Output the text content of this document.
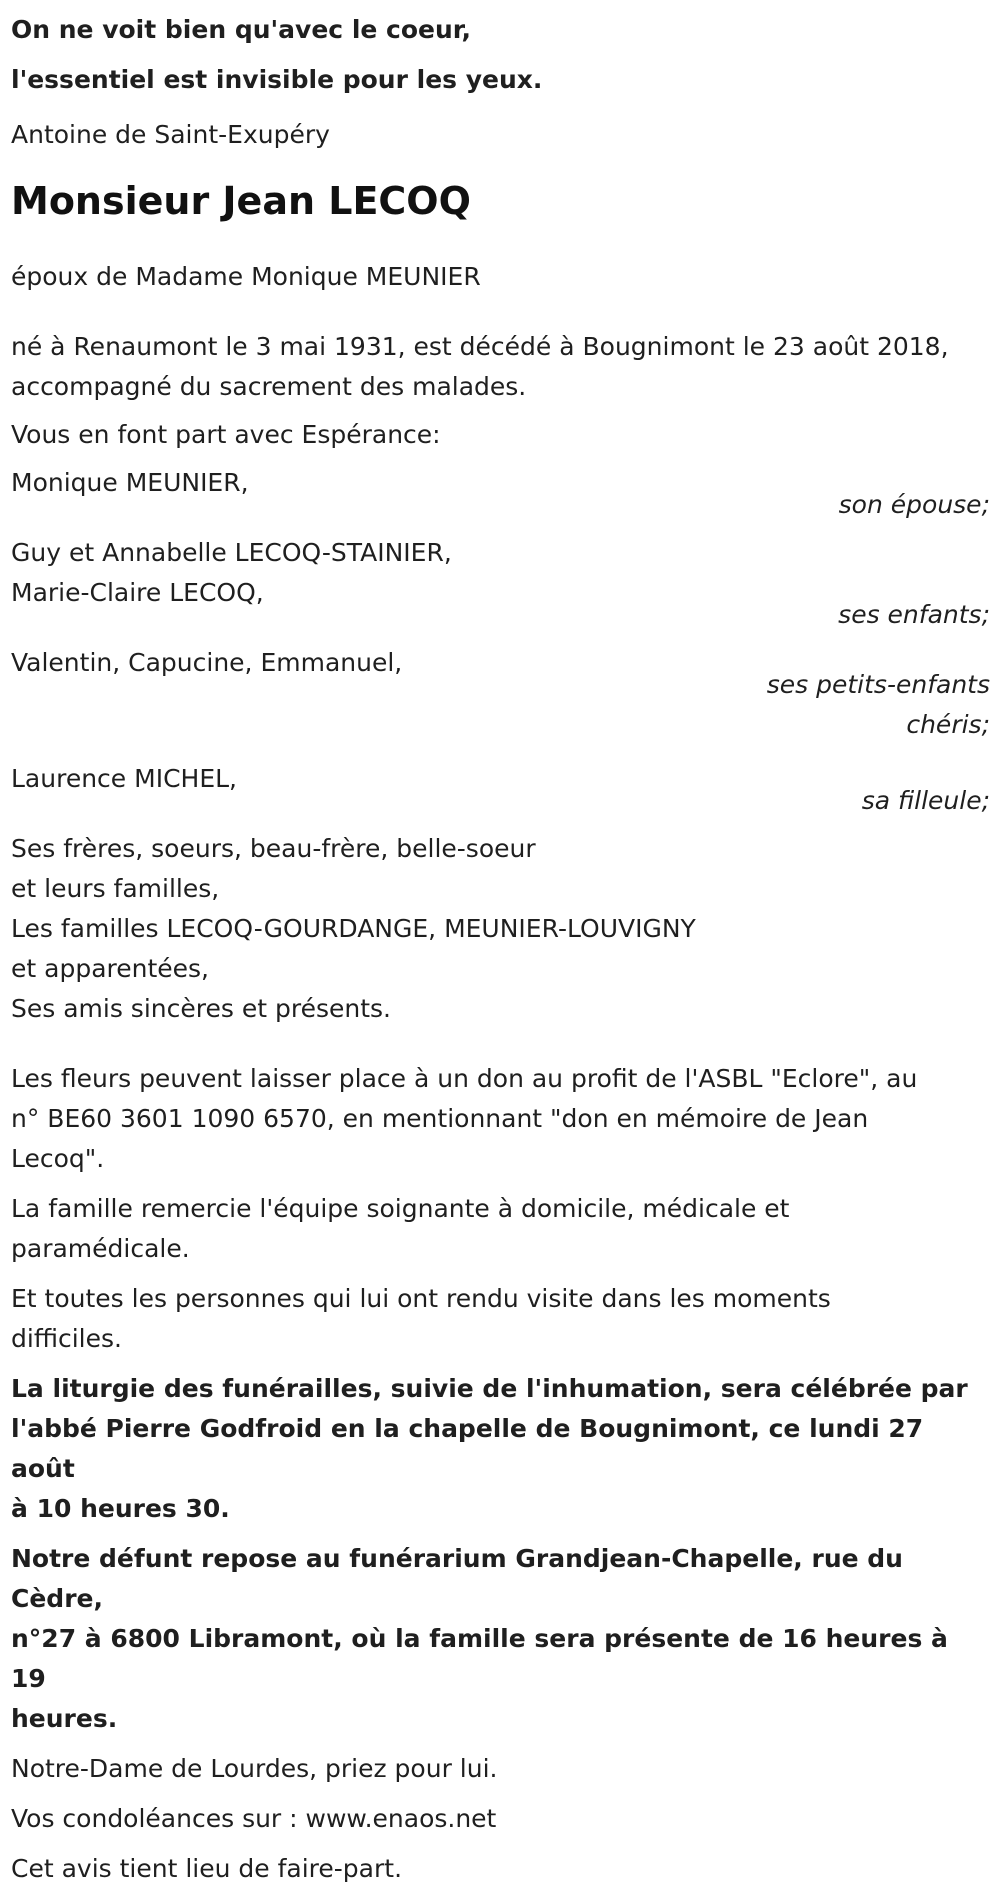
On ne voit bien qu'avec le coeur,
l'essentiel est invisible pour les yeux.

Antoine de Saint-Exupéry

Monsieur Jean LECOQ

époux de Madame Monique MEUNIER

né à Renaumont le 3 mai 1931, est décédé à Bougnimont le 23 août 2018,
accompagné du sacrement des malades.

Vous en font part avec Espérance:

Monique MEUNIER,

son épouse;

Guy et Annabelle LECOQ-STAINIER,

Marie-Claire LECOQ,

ses enfants;

Valentin, Capucine, Emmanuel,

ses petits-enfants

chéris;

Laurence MICHEL,

sa filleule;

Ses frères, soeurs, beau-frère, belle-soeur
et leurs familles,
Les familles LECOQ-GOURDANGE, MEUNIER-LOUVIGNY
et apparentées,
Ses amis sincères et présents.
Les fleurs peuvent laisser place à un don au profit de l'ASBL "Eclore", au
n° BE60 3601 1090 6570, en mentionnant "don en mémoire de Jean
Lecoq".
La famille remercie l'équipe soignante à domicile, médicale et
paramédicale.
Et toutes les personnes qui lui ont rendu visite dans les moments
difficiles.
La liturgie des funérailles, suivie de l'inhumation, sera célébrée par
l'abbé Pierre Godfroid en la chapelle de Bougnimont, ce lundi 27 août
à 10 heures 30.
Notre défunt repose au funérarium Grandjean-Chapelle, rue du Cèdre,
n°27 à 6800 Libramont, où la famille sera présente de 16 heures à 19
heures.

Notre-Dame de Lourdes, priez pour lui.

Vos condoléances sur : www.enaos.net

Cet avis tient lieu de faire-part.
